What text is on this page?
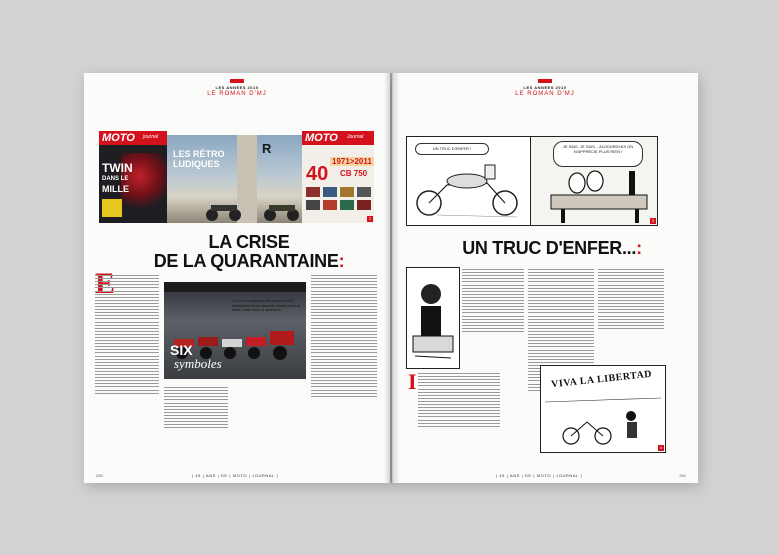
LES ANNÉES 2010
LE ROMAN D'MJ
MOTO journal
TWIN
DANS LE
MILLE
LES RÉTRO
LUDIQUES
R
MOTO Journal
40
1971>2011
CB 750
2
LA CRISE
DE LA QUARANTAINE:
SIX
symboles
1 et 2. Les numéros des années 2010 témoignent d'une passion intacte pour la moto, entre rétro et sportives.
290	| 45 | ANS | DE | MOTO | JOURNAL |

LES ANNÉES 2010
LE ROMAN D'MJ
UN TRUC D'ENFER !	JE SAIS, JE SAIS... AUJOURD'HUI ON N'APPRÉCIE PLUS RIEN !
3
UN TRUC D'ENFER...:
I	VIVA LA LIBERTAD
4
| 45 | ANS | DE | MOTO | JOURNAL |	291
